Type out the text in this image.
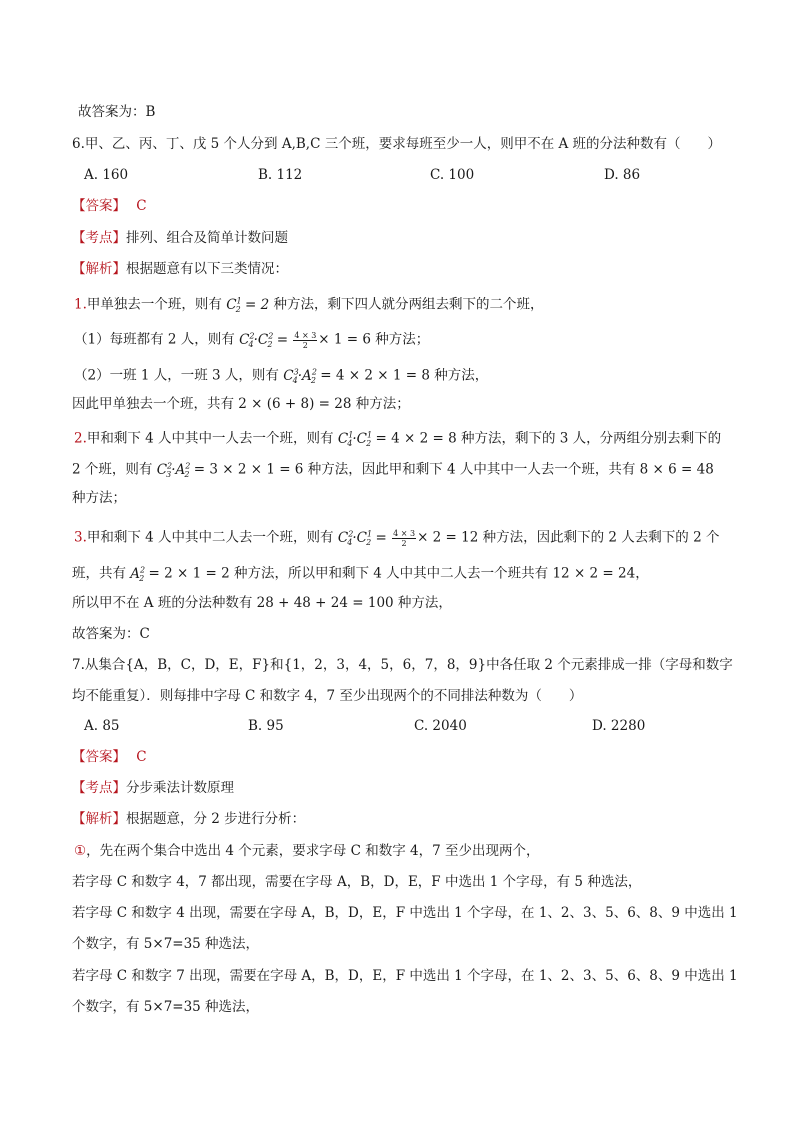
故答案为：B
6.甲、乙、丙、丁、戊 5 个人分到 A,B,C 三个班，要求每班至少一人，则甲不在 A 班的分法种数有（　　）
A. 160	B. 112	C. 100	D. 86
【答案】 C
【考点】排列、组合及简单计数问题
【解析】根据题意有以下三类情况：
1.甲单独去一个班，则有 $C^1_2 = 2$ 种方法，剩下四人就分两组去剩下的二个班，
（1）每班都有 2 人，则有 $C^2_4\cdot C^2_2 = \frac{4 \times 3}{2} \times 1 = 6$ 种方法；
（2）一班 1 人，一班 3 人，则有 $C^3_4\cdot A^2_2 = 4 \times 2 \times 1 = 8$ 种方法，
因此甲单独去一个班，共有 2 × (6 + 8) = 28 种方法；
2.甲和剩下 4 人中其中一人去一个班，则有 $C^1_4\cdot C^1_2 = 4 \times 2 = 8$ 种方法，剩下的 3 人，分两组分别去剩下的
2 个班，则有 $C^2_3\cdot A^2_2 = 3 \times 2 \times 1 = 6$ 种方法，因此甲和剩下 4 人中其中一人去一个班，共有 8 × 6 = 48
种方法；
3.甲和剩下 4 人中其中二人去一个班，则有 $C^2_4\cdot C^1_2 = \frac{4 \times 3}{2} \times 2 = 12$ 种方法，因此剩下的 2 人去剩下的 2 个
班，共有 $A^2_2 = 2 \times 1 = 2$ 种方法，所以甲和剩下 4 人中其中二人去一个班共有 12 × 2 = 24，
所以甲不在 A 班的分法种数有 28 + 48 + 24 = 100 种方法，
故答案为：C
7.从集合{A，B，C，D，E，F}和{1，2，3，4，5，6，7，8，9}中各任取 2 个元素排成一排（字母和数字
均不能重复）．则每排中字母 C 和数字 4，7 至少出现两个的不同排法种数为（　　）
A. 85	B. 95	C. 2040	D. 2280
【答案】 C
【考点】分步乘法计数原理
【解析】根据题意，分 2 步进行分析：
①，先在两个集合中选出 4 个元素，要求字母 C 和数字 4，7 至少出现两个，
若字母 C 和数字 4，7 都出现，需要在字母 A，B，D，E，F 中选出 1 个字母，有 5 种选法，
若字母 C 和数字 4 出现，需要在字母 A，B，D，E，F 中选出 1 个字母，在 1、2、3、5、6、8、9 中选出 1
个数字，有 5×7=35 种选法，
若字母 C 和数字 7 出现，需要在字母 A，B，D，E，F 中选出 1 个字母，在 1、2、3、5、6、8、9 中选出 1
个数字，有 5×7=35 种选法，
